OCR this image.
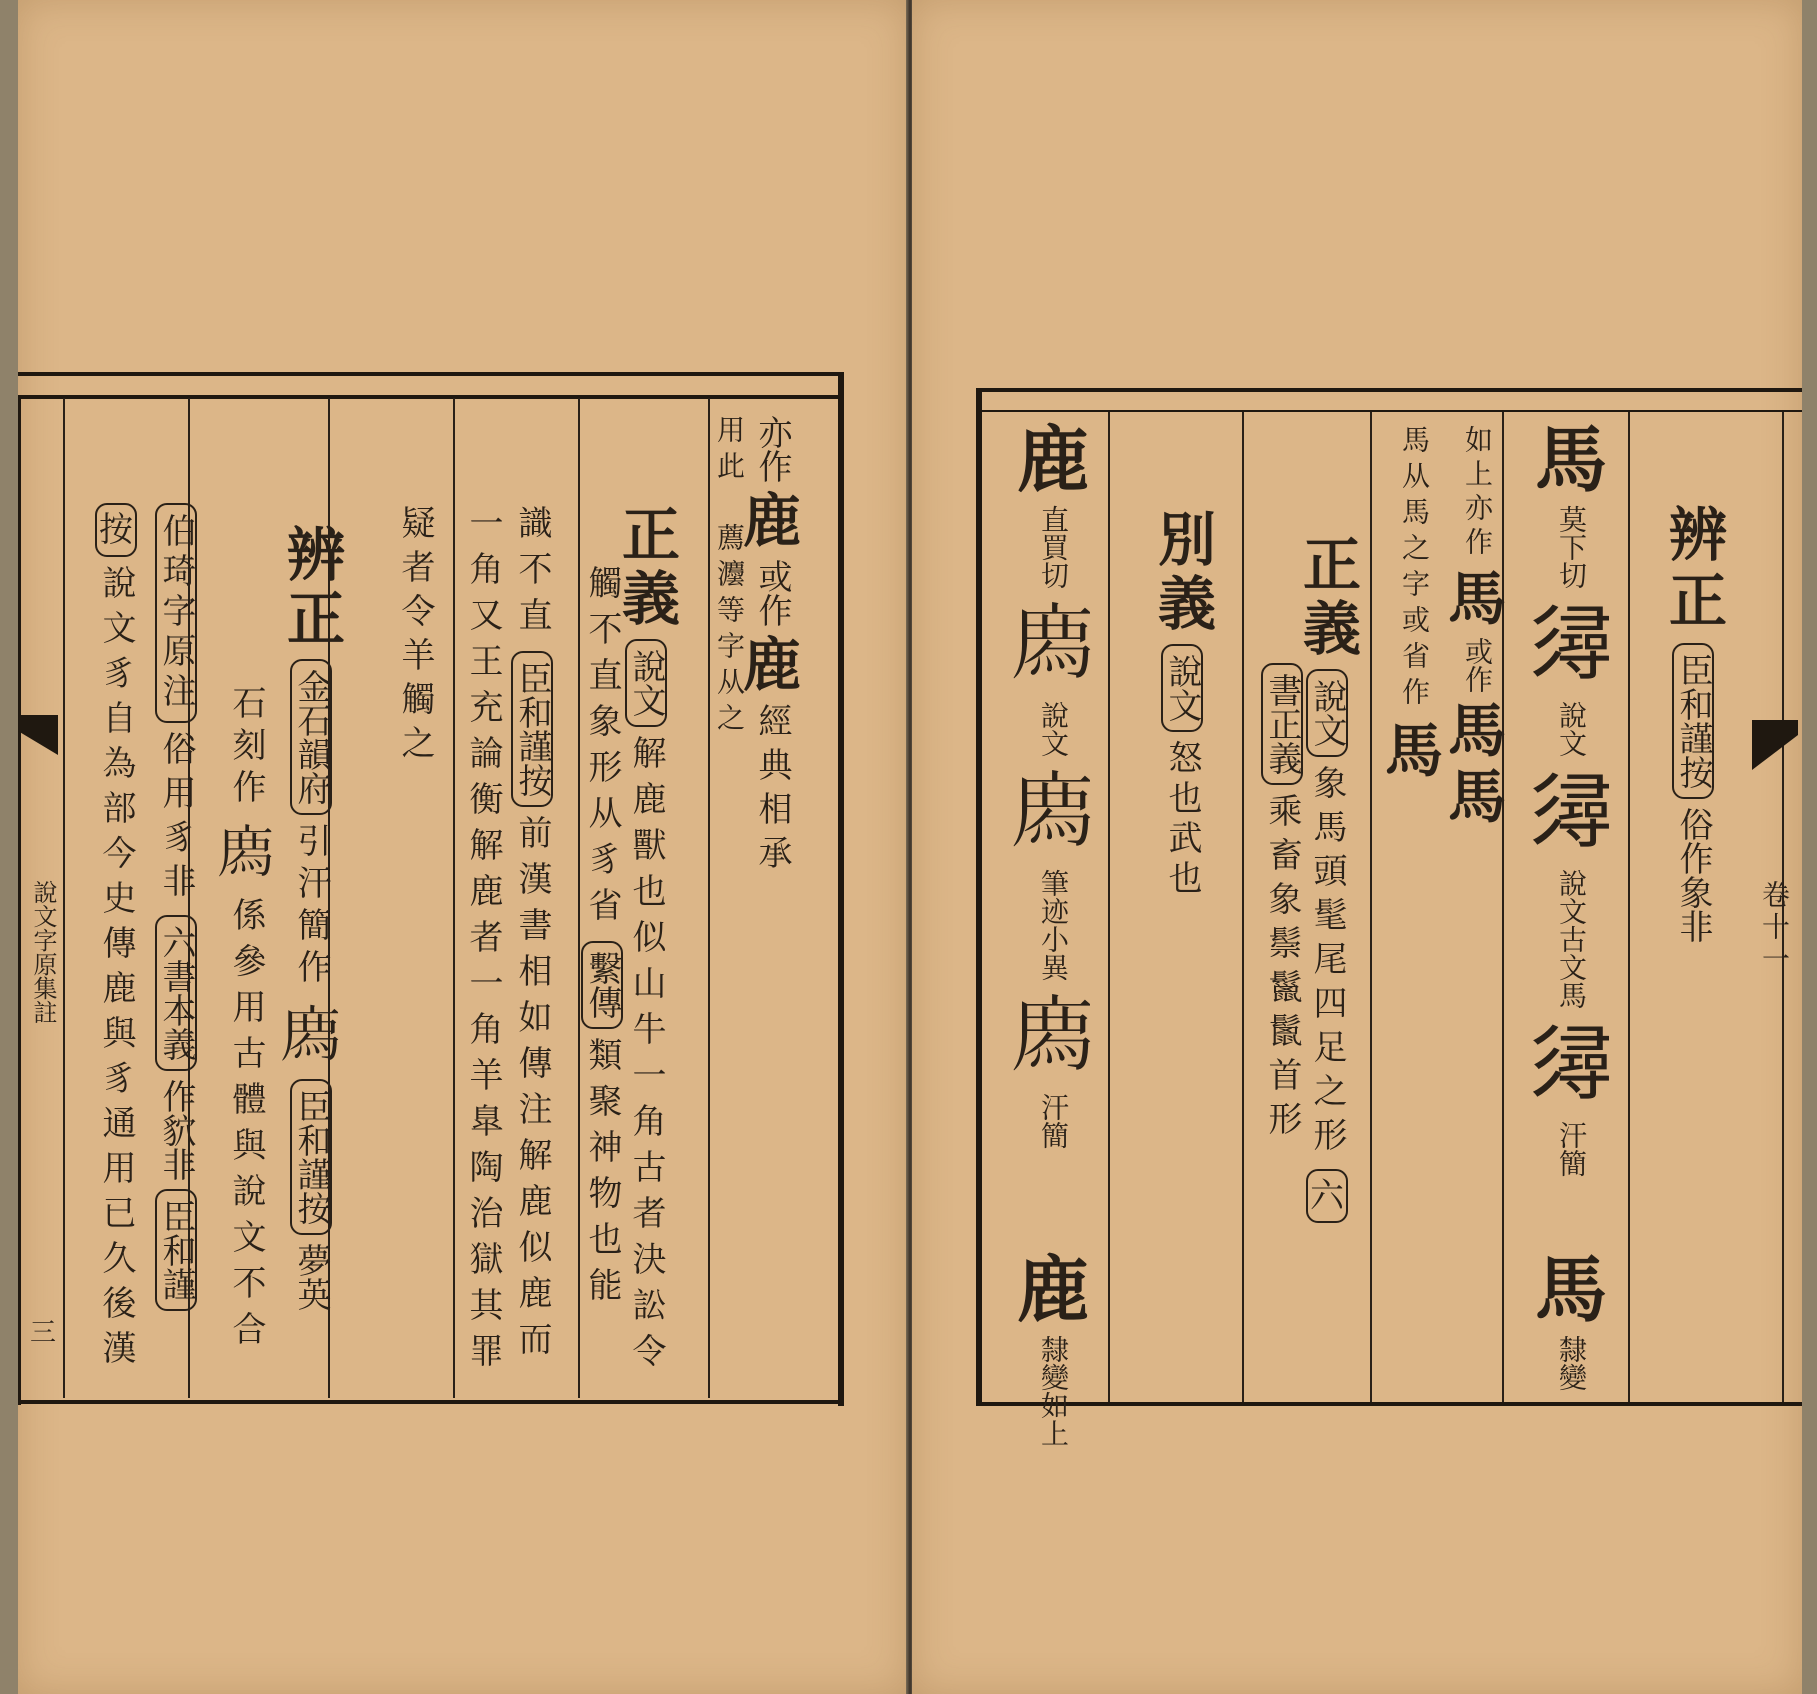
說文字原集註
三
亦作
鹿
或作
鹿
經典相承
用此　薦灋等字从之
正義
說文
解鹿獸也似山牛一角古者決訟令
觸不直象形从豸省
繫傳
類聚神物也能
識不直
臣和謹按
前漢書相如傳注解鹿似鹿而
一角又王充論衡解鹿者一角羊臯陶治獄其罪
疑者令羊觸之
辨正
金石韻府
引汗簡作
𢊁
臣和謹按
夢英
石刻作
𢊁
係參用古體與說文不合
伯琦字原注
俗用豸非
六書本義
作貁非
臣和謹
按
說文豸自為部今史傳鹿與豸通用已久後漢	卷十一
辨正
臣和謹按
俗作象非
馬
莫下切
𢒫
說文
𢒫
說文古文馬
𢒫
汗簡
馬
隸變
如上亦作
馬
或作
馬
馬
馬从馬之字或省作
馬
正義
說文
象馬頭髦尾四足之形
六
書正義
乘畜象鬃鬣鬛首形
別義
說文
怒也武也
鹿
直買切
𢊁
說文
𢊁
筆迹小異
𢊁
汗簡
鹿
隸變如上
